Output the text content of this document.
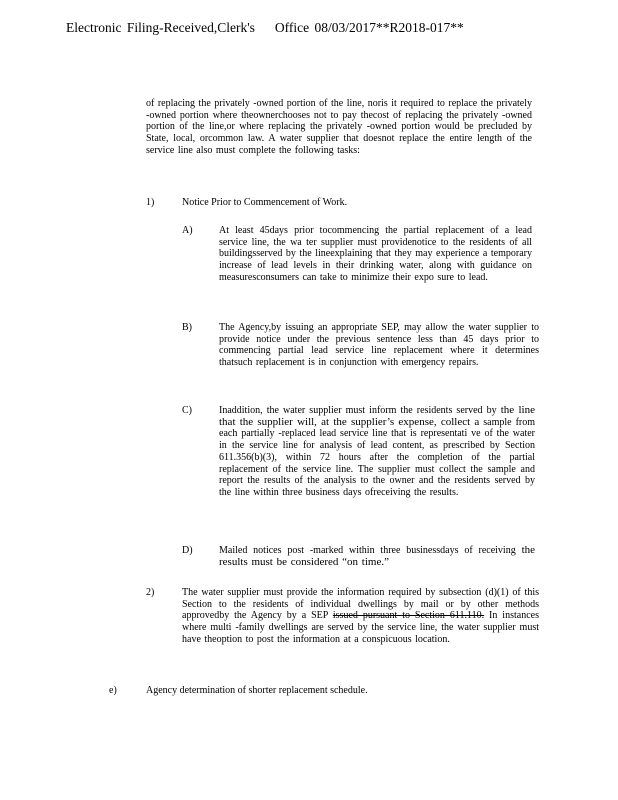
Electronic Filing-Received,Clerk's Office 08/03/2017**R2018-017**

of replacing the privately -owned portion of the line, noris it required to replace the privately -owned portion where theownerchooses not to pay thecost of replacing the privately -owned portion of the line,or where replacing the privately -owned portion would be precluded by State, local, orcommon law. A water supplier that doesnot replace the entire length of the service line also must complete the following tasks:

1)	Notice Prior to Commencement of Work.
A)	At least 45days prior tocommencing the partial replacement of a lead service line, the wa ter supplier must providenotice to the residents of all buildingsserved by the lineexplaining that they may experience a temporary increase of lead levels in their drinking water, along with guidance on measuresconsumers can take to minimize their expo sure to lead.

B)	The Agency,by issuing an appropriate SEP, may allow the water supplier to provide notice under the previous sentence less than 45 days prior to commencing partial lead service line replacement where it determines thatsuch replacement is in conjunction with emergency repairs.

C)	Inaddition, the water supplier must inform the residents served by the line that the supplier will, at the supplier’s expense, collect a sample from each partially -replaced lead service line that is representati ve of the water in the service line for analysis of lead content, as prescribed by Section 611.356(b)(3), within 72 hours after the completion of the partial replacement of the service line. The supplier must collect the sample and report the results of the analysis to the owner and the residents served by the line within three business days ofreceiving the results.

D)	Mailed notices post -marked within three businessdays of receiving the results must be considered “on time.”

2)	The water supplier must provide the information required by subsection (d)(1) of this Section to the residents of individual dwellings by mail or by other methods approvedby the Agency by a SEP issued pursuant to Section 611.110. In instances where multi -family dwellings are served by the service line, the water supplier must have theoption to post the information at a conspicuous location.

e)	Agency determination of shorter replacement schedule.
